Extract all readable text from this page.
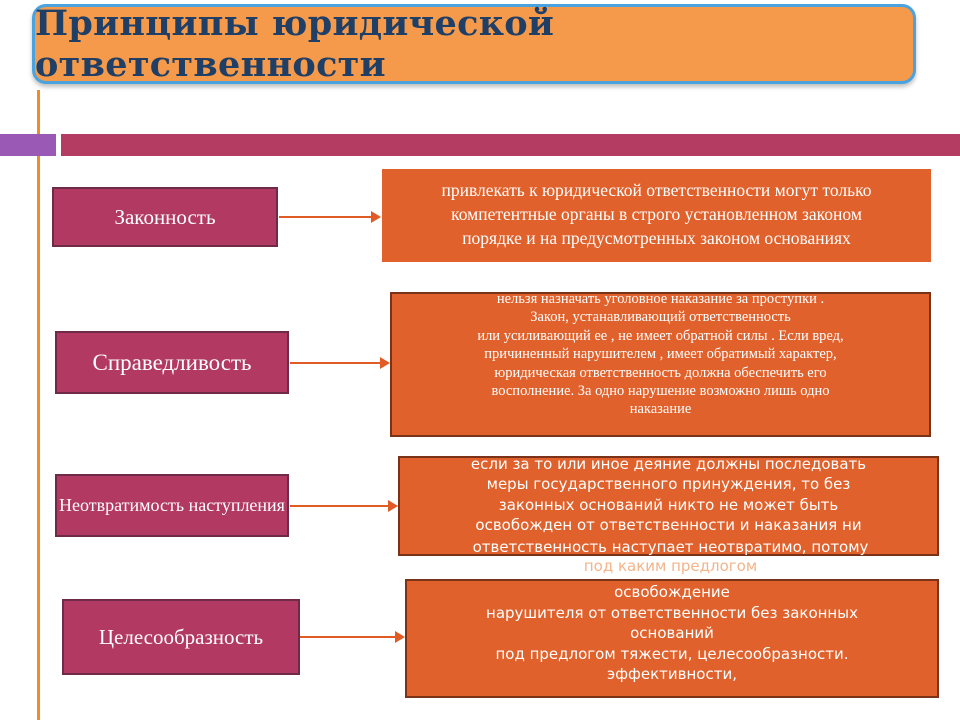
Принципы юридической ответственности
Законность
привлекать к юридической ответственности могут только
компетентные органы в строго установленном законом
порядке и на предусмотренных законом основаниях
Справедливость
нельзя назначать уголовное наказание за проступки .
Закон, устанавливающий ответственность
или усиливающий ее , не имеет обратной силы . Если вред,
причиненный нарушителем , имеет обратимый характер,
юридическая ответственность должна обеспечить его
восполнение. За одно нарушение возможно лишь одно
наказание
Неотвратимость наступления
если за то или иное деяние должны последовать
меры государственного принуждения, то без
законных оснований никто не может быть
освобожден от ответственности и наказания ни
ответственность наступает неотвратимо, потому
под каким предлогом
Целесообразность
освобождение
нарушителя от ответственности без законных
оснований
под предлогом тяжести, целесообразности.
эффективности,
